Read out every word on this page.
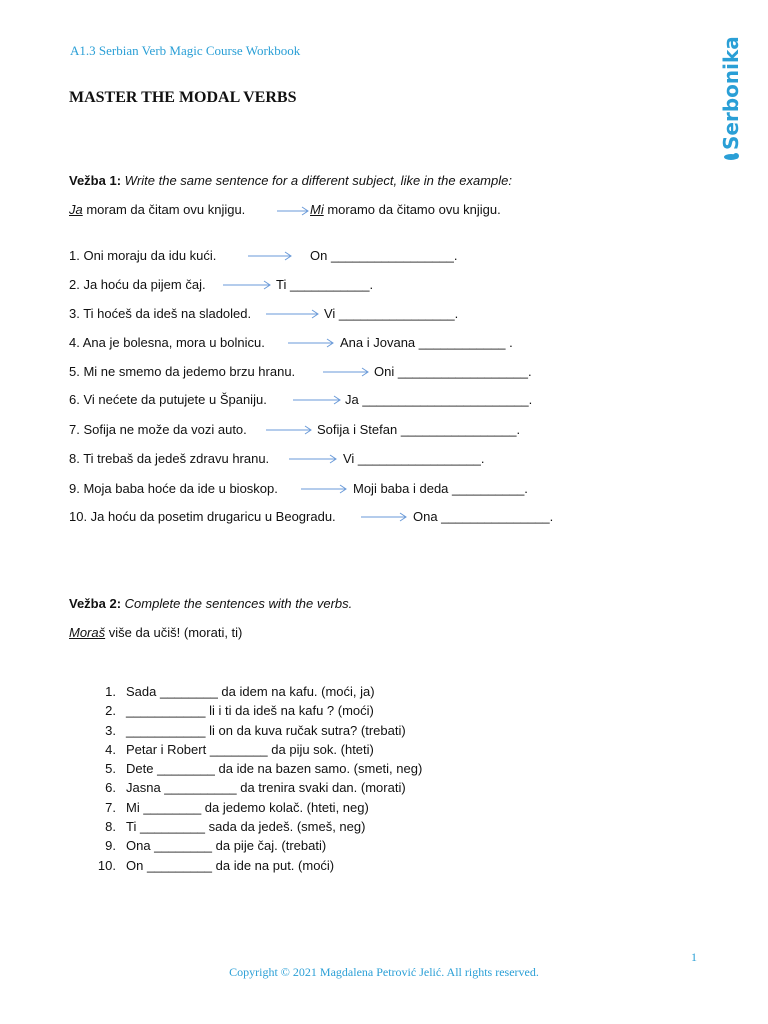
A1.3 Serbian Verb Magic Course Workbook
MASTER THE MODAL VERBS	Serbonika
Vežba 1: Write the same sentence for a different subject, like in the example:
Ja moram da čitam ovu knjigu.	Mi moramo da čitamo ovu knjigu.
1. Oni moraju da idu kući.	On _________________.
2. Ja hoću da pijem čaj.	Ti ___________.
3. Ti hoćeš da ideš na sladoled.	Vi ________________.
4. Ana je bolesna, mora u bolnicu.	Ana i Jovana ____________ .
5. Mi ne smemo da jedemo brzu hranu.	Oni __________________.
6. Vi nećete da putujete u Španiju.	Ja _______________________.
7. Sofija ne može da vozi auto.	Sofija i Stefan ________________.
8. Ti trebaš da jedeš zdravu hranu.	Vi _________________.
9. Moja baba hoće da ide u bioskop.	Moji baba i deda __________.
10. Ja hoću da posetim drugaricu u Beogradu.	Ona _______________.
Vežba 2: Complete the sentences with the verbs.
Moraš više da učiš! (morati, ti)
1. Sada ________ da idem na kafu. (moći, ja)
2. ___________ li i ti da ideš na kafu ? (moći)
3. ___________ li on da kuva ručak sutra? (trebati)
4. Petar i Robert ________ da piju sok. (hteti)
5. Dete ________ da ide na bazen samo. (smeti, neg)
6. Jasna __________ da trenira svaki dan. (morati)
7. Mi ________ da jedemo kolač. (hteti, neg)
8. Ti _________ sada da jedeš. (smeš, neg)
9. Ona ________ da pije čaj. (trebati)
10. On _________ da ide na put. (moći)
1
Copyright © 2021 Magdalena Petrović Jelić. All rights reserved.
